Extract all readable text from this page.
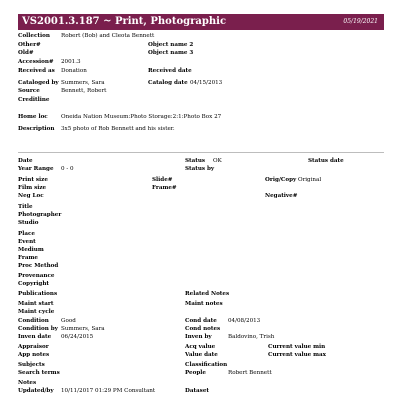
VS2001.3.187 ~ Print, Photographic	05/19/2021
Collection Robert (Bob) and Cleota Bennett
Other#	Object name 2
Old#	Object name 3
Accession# 2001.3
Received as Donation	Received date
Cataloged by Summers, Sara	Catalog date 04/15/2013
Source	Bennett, Robert
Creditline
Home loc Oneida Nation Museum:Photo Storage:2:1:Photo Box 27
Description 3x5 photo of Rob Bennett and his sister.
Date	Status OK	Status date
Year Range 0 - 0	Status by
Print size	Slide#	Orig/Copy Original
Film size	Frame#
Neg Loc	Negative#
Title
Photographer
Studio
Place
Event
Medium
Frame
Proc Method
Provenance
Copyright
Publications	Related Notes
Maint start	Maint notes
Maint cycle
Condition Good	Cond date 04/08/2013
Condition by Summers, Sara	Cond notes
Inven date 06/24/2015	Inven by	Baldovino, Trish
Appraisor	Acq value	Current value min
App notes	Value date	Current value max
Subjects	Classification
Search terms	People	Robert Bennett
Notes
Updated/by 10/11/2017 01:29 PM Consultant	Dataset
